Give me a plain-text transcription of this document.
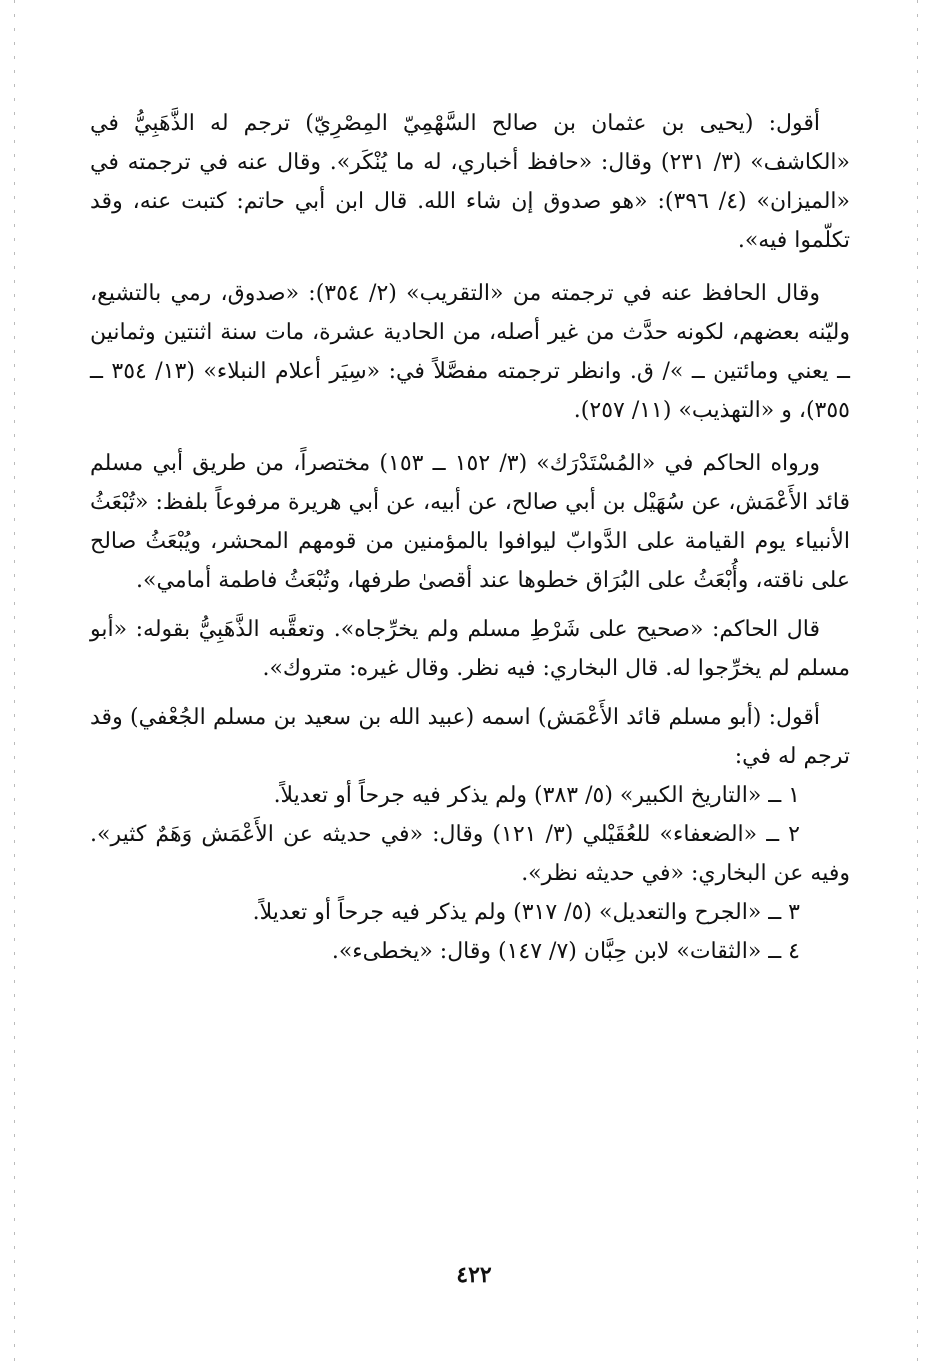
أقول: (يحيى بن عثمان بن صالح السَّهْمِيّ المِصْرِيّ) ترجم له الذَّهَبِيُّ في «الكاشف» (٣/ ٢٣١) وقال: «حافظ أخباري، له ما يُنْكَر». وقال عنه في ترجمته في «الميزان» (٤/ ٣٩٦): «هو صدوق إن شاء الله. قال ابن أبي حاتم: كتبت عنه، وقد تكلّموا فيه».

وقال الحافظ عنه في ترجمته من «التقريب» (٢/ ٣٥٤): «صدوق، رمي بالتشيع، وليّنه بعضهم، لكونه حدَّث من غير أصله، من الحادية عشرة، مات سنة اثنتين وثمانين ــ يعني ومائتين ــ »/ ق. وانظر ترجمته مفصَّلاً في: «سِيَر أعلام النبلاء» (١٣/ ٣٥٤ ــ ٣٥٥)، و «التهذيب» (١١/ ٢٥٧).

ورواه الحاكم في «المُسْتَدْرَك» (٣/ ١٥٢ ــ ١٥٣) مختصراً، من طريق أبي مسلم قائد الأَعْمَش، عن سُهَيْل بن أبي صالح، عن أبيه، عن أبي هريرة مرفوعاً بلفظ: «تُبْعَثُ الأنبياء يوم القيامة على الدَّوابّ ليوافوا بالمؤمنين من قومهم المحشر، ويُبْعَثُ صالح على ناقته، وأُبْعَثُ على البُرَاق خطوها عند أقصىٰ طرفها، وتُبْعَثُ فاطمة أمامي».

قال الحاكم: «صحيح على شَرْطِ مسلم ولم يخرِّجاه». وتعقَّبه الذَّهَبِيُّ بقوله: «أبو مسلم لم يخرِّجوا له. قال البخاري: فيه نظر. وقال غيره: متروك».

أقول: (أبو مسلم قائد الأَعْمَش) اسمه (عبيد الله بن سعيد بن مسلم الجُعْفي) وقد ترجم له في:

١ ــ «التاريخ الكبير» (٥/ ٣٨٣) ولم يذكر فيه جرحاً أو تعديلاً.

٢ ــ «الضعفاء» للعُقَيْلي (٣/ ١٢١) وقال: «في حديثه عن الأَعْمَش وَهَمٌ كثير». وفيه عن البخاري: «في حديثه نظر».

٣ ــ «الجرح والتعديل» (٥/ ٣١٧) ولم يذكر فيه جرحاً أو تعديلاً.

٤ ــ «الثقات» لابن حِبَّان (٧/ ١٤٧) وقال: «يخطىء».

٤٢٢
